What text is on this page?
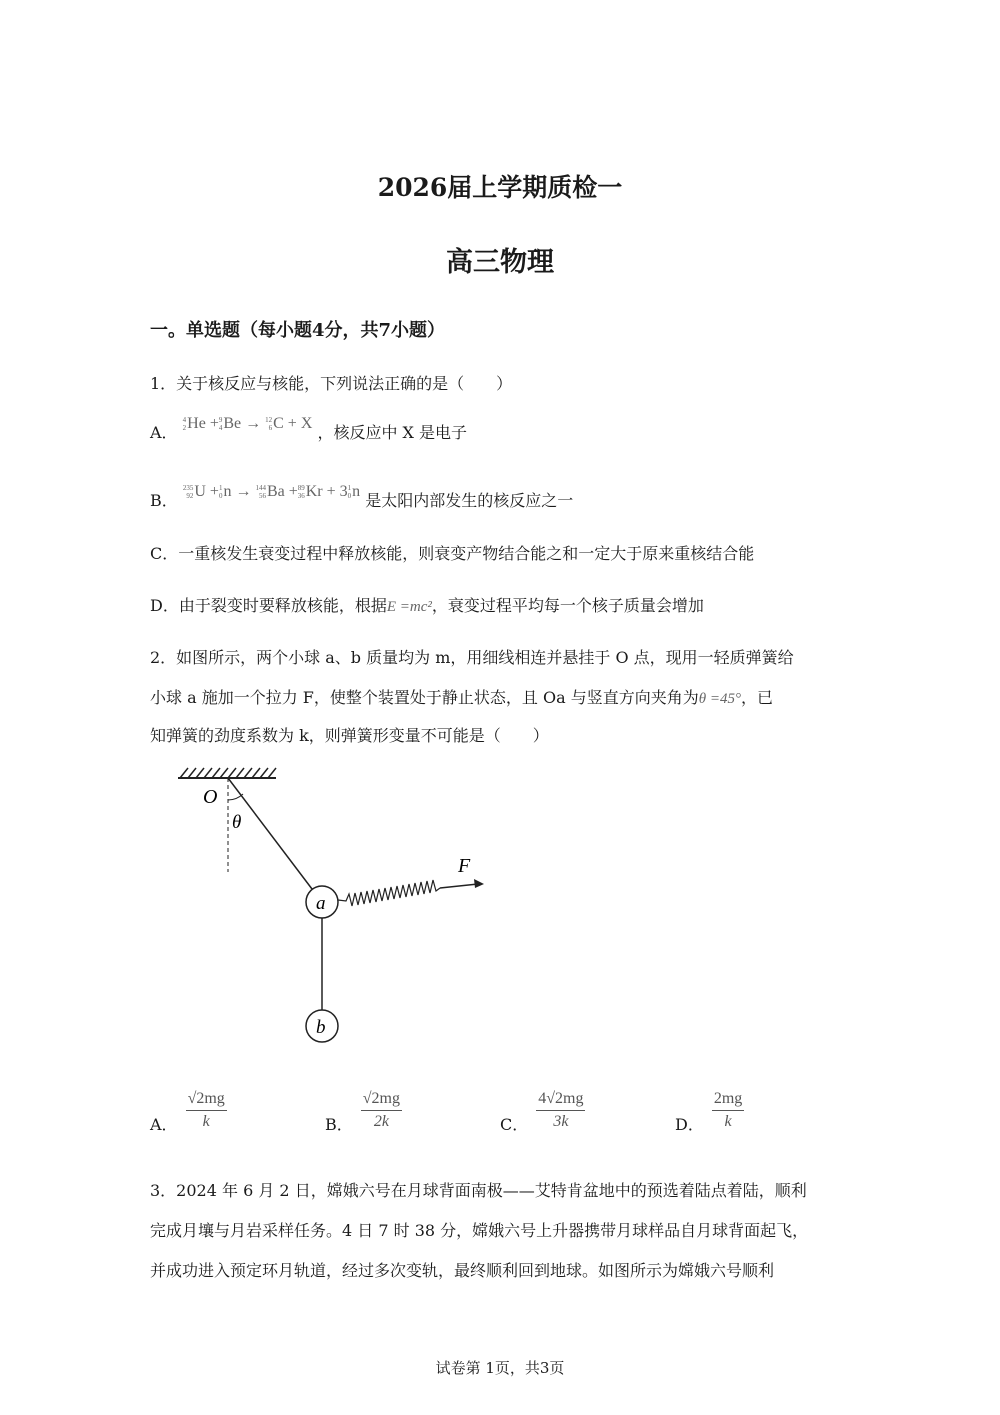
2026届上学期质检一
高三物理
一。单选题（每小题4分，共7小题）
1．关于核反应与核能，下列说法正确的是（　　）
A．
4
2 He + 9
4 Be → 12
6 C + X ，核反应中 X 是电子
B．
235
92 U + 1
0 n → 144
56 Ba + 89
36 Kr + 3 1
0 n 是太阳内部发生的核反应之一
C．一重核发生衰变过程中释放核能，则衰变产物结合能之和一定大于原来重核结合能
D．由于裂变时要释放核能，根据E =mc²，衰变过程平均每一个核子质量会增加
2．如图所示，两个小球 a、b 质量均为 m，用细线相连并悬挂于 O 点，现用一轻质弹簧给
小球 a 施加一个拉力 F，使整个装置处于静止状态，且 Oa 与竖直方向夹角为θ =45°，已
知弹簧的劲度系数为 k，则弹簧形变量不可能是（　　）
O
θ
F
a
b
A． $\frac{√2mg}{k}$	B． $\frac{√2mg}{2k}$	C． $\frac{4√2mg}{3k}$	D． $\frac{2mg}{k}$
3．2024 年 6 月 2 日，嫦娥六号在月球背面南极——艾特肯盆地中的预选着陆点着陆，顺利
完成月壤与月岩采样任务。4 日 7 时 38 分，嫦娥六号上升器携带月球样品自月球背面起飞，
并成功进入预定环月轨道，经过多次变轨，最终顺利回到地球。如图所示为嫦娥六号顺利
试卷第 1页，共3页
